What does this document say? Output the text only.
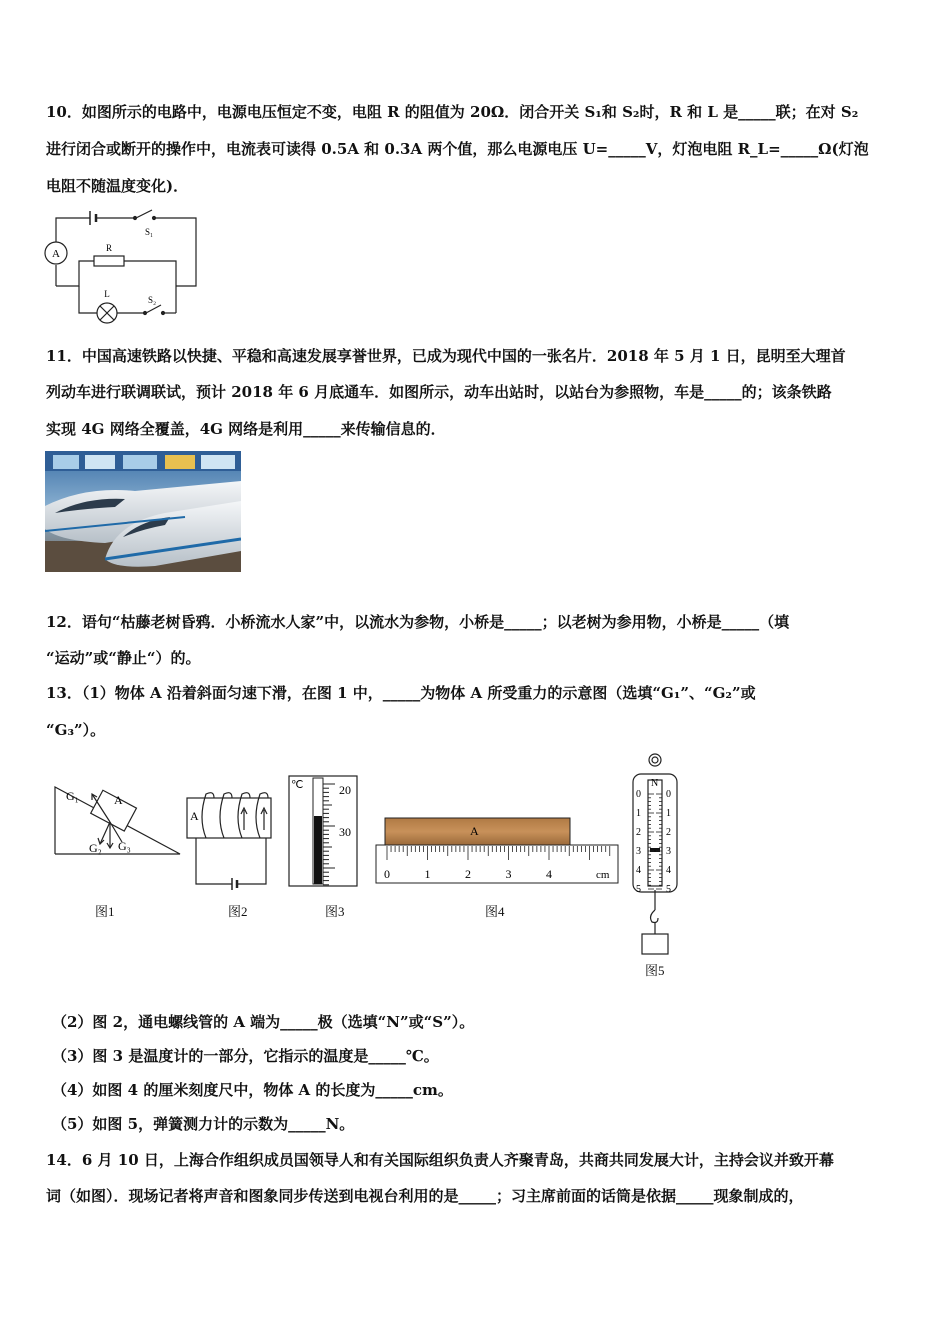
10．如图所示的电路中，电源电压恒定不变，电阻 R 的阻值为 20Ω．闭合开关 S₁和 S₂时，R 和 L 是_____联；在对 S₂
进行闭合或断开的操作中，电流表可读得 0.5A 和 0.3A 两个值，那么电源电压 U=_____V，灯泡电阻 R_L=_____Ω(灯泡
电阻不随温度变化)．
A	R
L
S₁
S₂
11．中国高速铁路以快捷、平稳和高速发展享誉世界，已成为现代中国的一张名片．2018 年 5 月 1 日，昆明至大理首
列动车进行联调联试，预计 2018 年 6 月底通车．如图所示，动车出站时，以站台为参照物，车是_____的；该条铁路
实现 4G 网络全覆盖，4G 网络是利用_____来传输信息的．
12．语句“枯藤老树昏鸦．小桥流水人家”中，以流水为参物，小桥是_____；以老树为参用物，小桥是_____（填
“运动”或“静止“）的。
13．（1）物体 A 沿着斜面匀速下滑，在图 1 中，_____为物体 A 所受重力的示意图（选填“G₁”、“G₂”或
“G₃”）。
G₁	A
G₂ G₃
图1
A
图2
℃	20
30
图3
A
0	1	2	3	4	cm
图4
N
0	0
1	1
2	2
3	3
4	4
5	5
图5
（2）图 2，通电螺线管的 A 端为_____极（选填“N”或“S”）。
（3）图 3 是温度计的一部分，它指示的温度是_____℃。
（4）如图 4 的厘米刻度尺中，物体 A 的长度为_____cm。
（5）如图 5，弹簧测力计的示数为_____N。
14．6 月 10 日，上海合作组织成员国领导人和有关国际组织负责人齐聚青岛，共商共同发展大计，主持会议并致开幕
词（如图）．现场记者将声音和图象同步传送到电视台利用的是_____；习主席前面的话筒是依据_____现象制成的，
